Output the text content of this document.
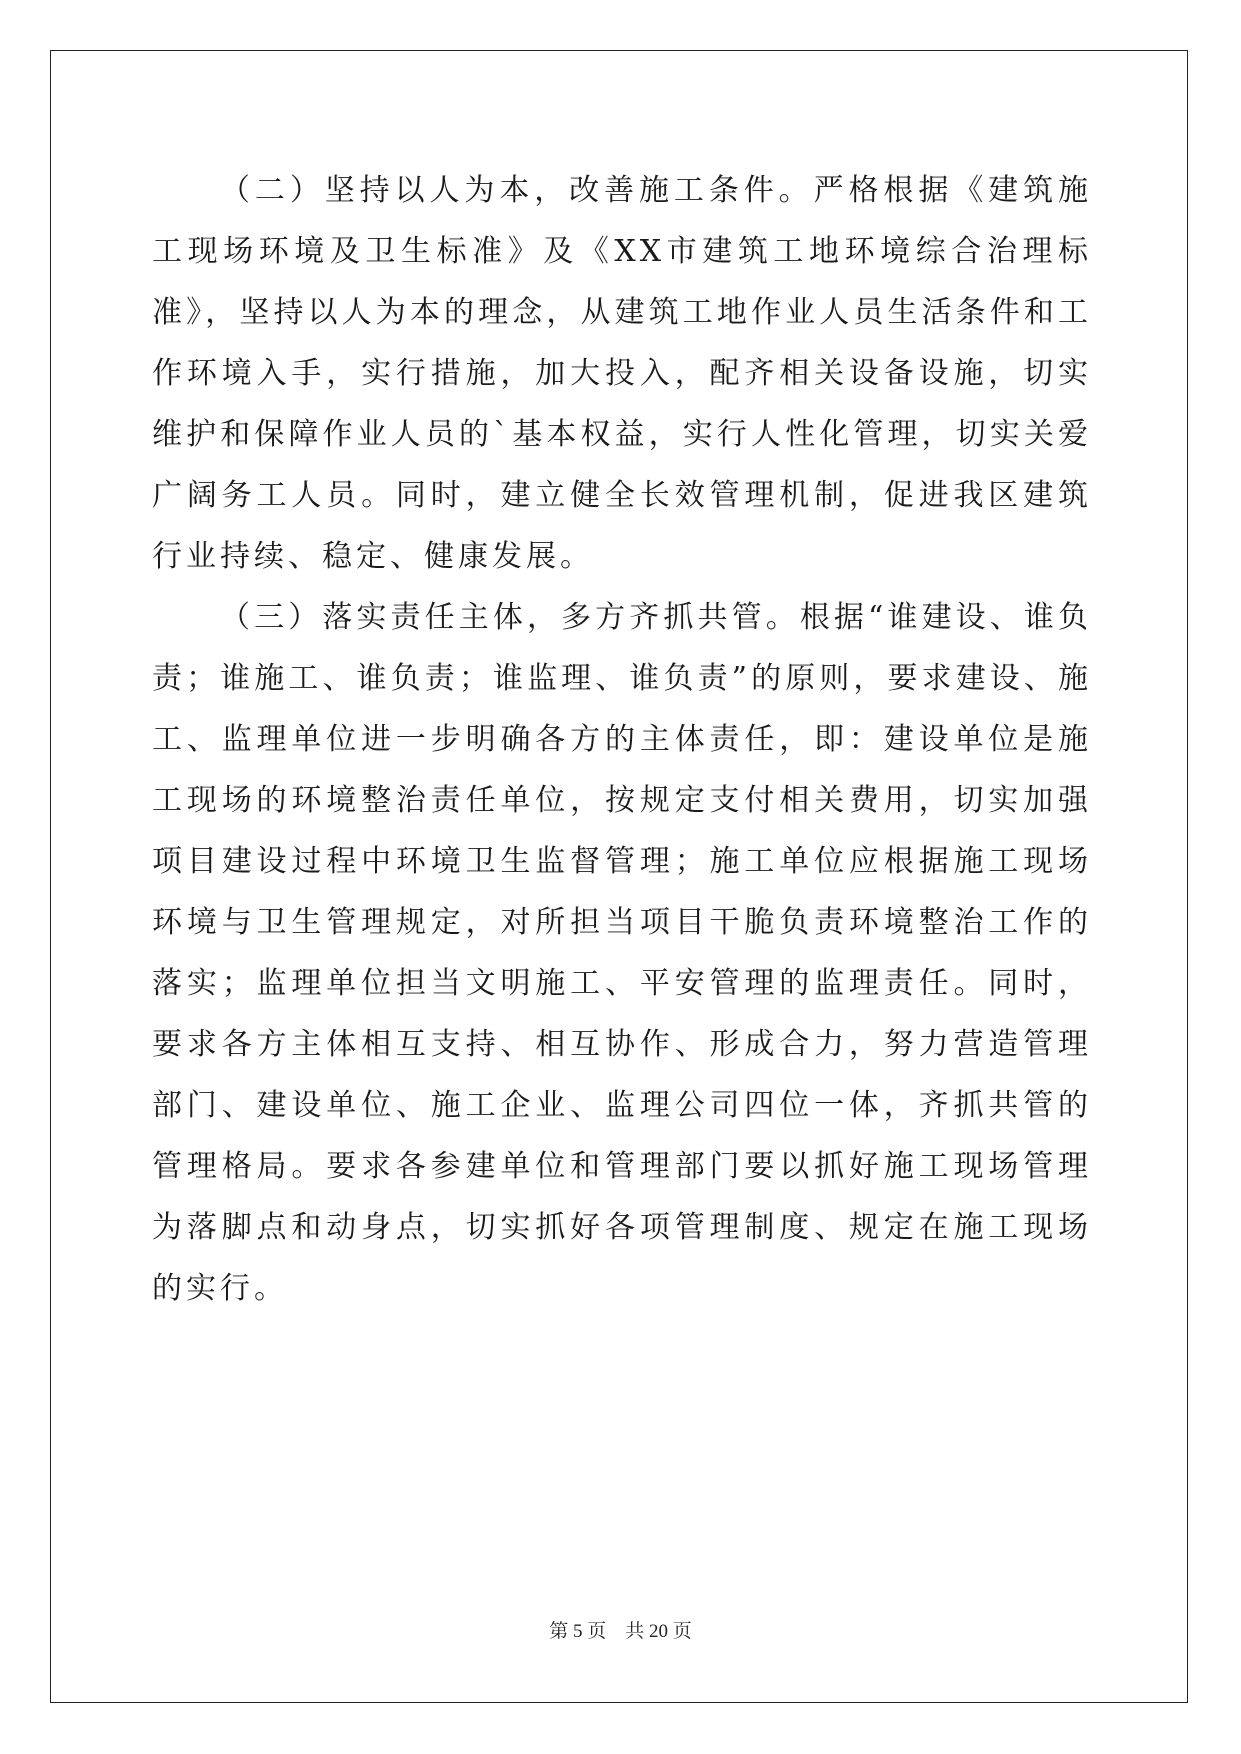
（二）坚持以人为本，改善施工条件。严格根据《建筑施工现场环境及卫生标准》及《XX市建筑工地环境综合治理标准》，坚持以人为本的理念，从建筑工地作业人员生活条件和工作环境入手，实行措施，加大投入，配齐相关设备设施，切实维护和保障作业人员的`基本权益，实行人性化管理，切实关爱广阔务工人员。同时，建立健全长效管理机制，促进我区建筑行业持续、稳定、健康发展。

（三）落实责任主体，多方齐抓共管。根据“谁建设、谁负责；谁施工、谁负责；谁监理、谁负责”的原则，要求建设、施工、监理单位进一步明确各方的主体责任，即：建设单位是施工现场的环境整治责任单位，按规定支付相关费用，切实加强项目建设过程中环境卫生监督管理；施工单位应根据施工现场环境与卫生管理规定，对所担当项目干脆负责环境整治工作的落实；监理单位担当文明施工、平安管理的监理责任。同时，要求各方主体相互支持、相互协作、形成合力，努力营造管理部门、建设单位、施工企业、监理公司四位一体，齐抓共管的管理格局。要求各参建单位和管理部门要以抓好施工现场管理为落脚点和动身点，切实抓好各项管理制度、规定在施工现场的实行。

第 5 页　共 20 页
